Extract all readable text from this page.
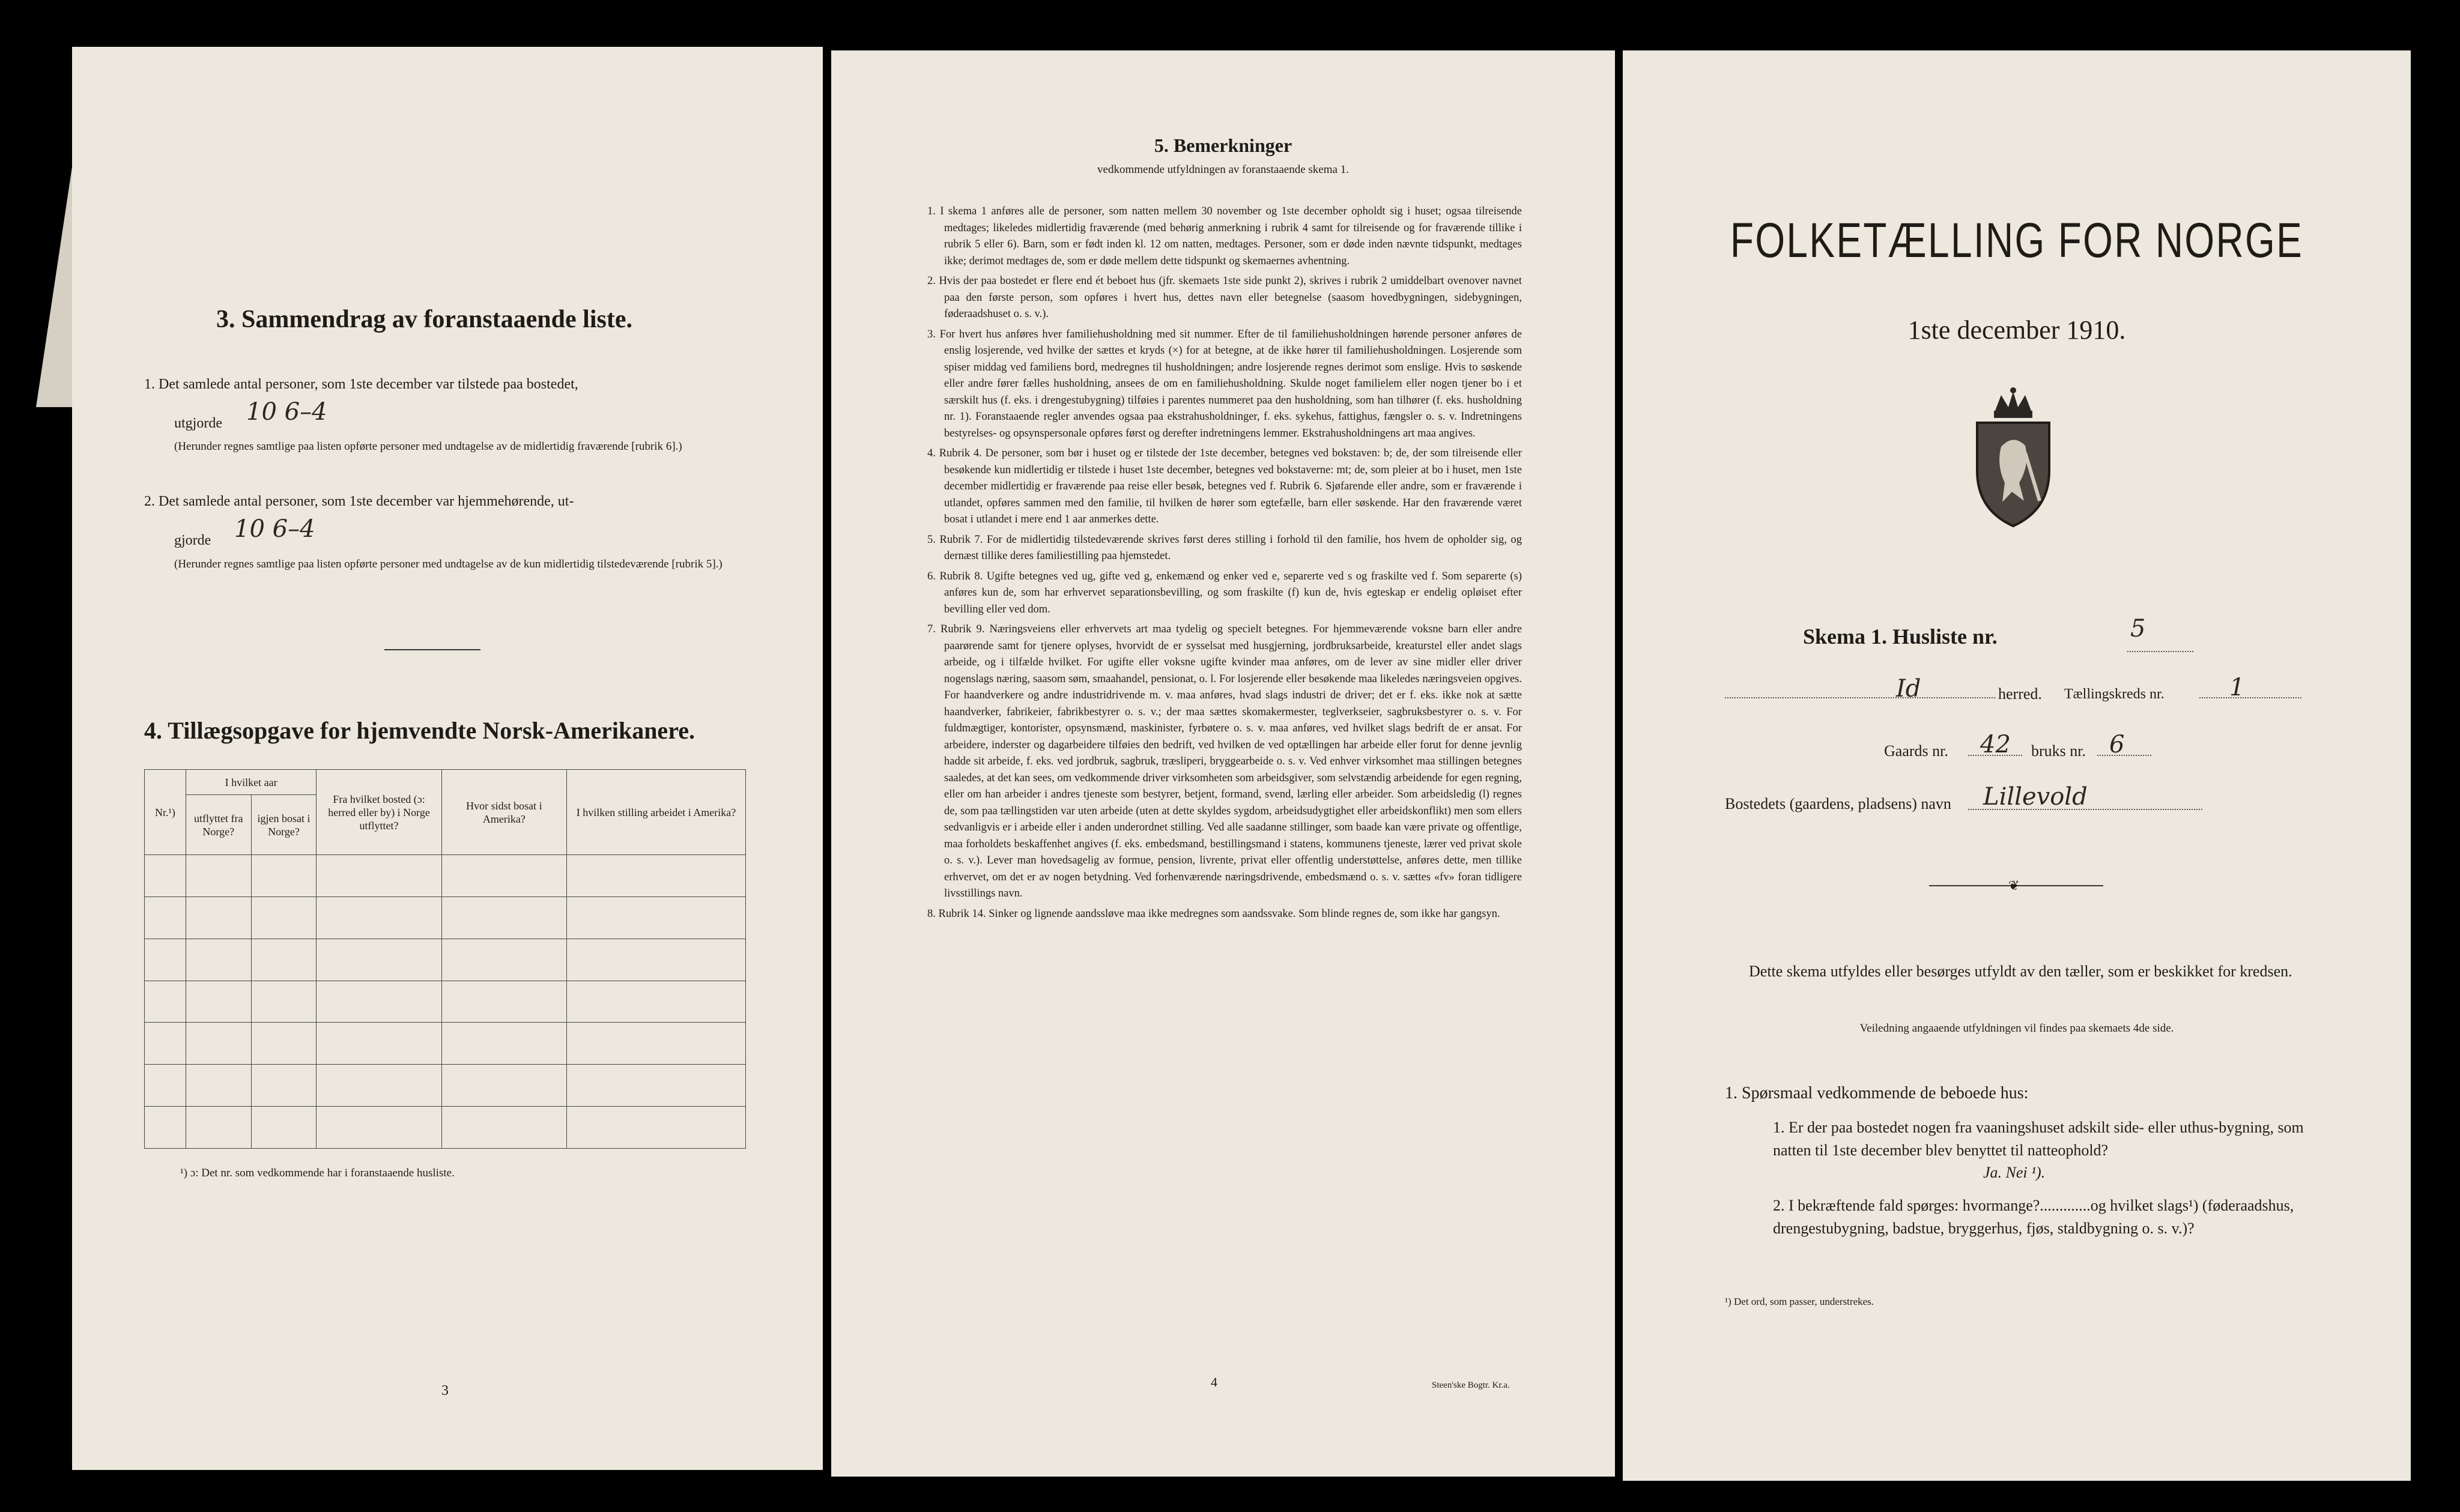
3. Sammendrag av foranstaaende liste.
1. Det samlede antal personer, som 1ste december var tilstede paa bostedet,
utgjorde 10 6–4
(Herunder regnes samtlige paa listen opførte personer med undtagelse av de midlertidig fraværende [rubrik 6].)
2. Det samlede antal personer, som 1ste december var hjemmehørende, ut-
gjorde 10 6–4
(Herunder regnes samtlige paa listen opførte personer med undtagelse av de kun midlertidig tilstedeværende [rubrik 5].)
4. Tillægsopgave for hjemvendte Norsk-Amerikanere.
Nr.¹)	I hvilket aar		Fra hvilket bosted (ɔ: herred eller by) i Norge utflyttet?	Hvor sidst bosat i Amerika?	I hvilken stilling arbeidet i Amerika?
	utflyttet fra Norge?	igjen bosat i Norge?			

¹) ɔ: Det nr. som vedkommende har i foranstaaende husliste.
3
5. Bemerkninger
vedkommende utfyldningen av foranstaaende skema 1.
1. I skema 1 anføres alle de personer, som natten mellem 30 november og 1ste december opholdt sig i huset; ogsaa tilreisende medtages; likeledes midlertidig fraværende (med behørig anmerkning i rubrik 4 samt for tilreisende og for fraværende tillike i rubrik 5 eller 6). Barn, som er født inden kl. 12 om natten, medtages. Personer, som er døde inden nævnte tidspunkt, medtages ikke; derimot medtages de, som er døde mellem dette tidspunkt og skemaernes avhentning.
2. Hvis der paa bostedet er flere end ét beboet hus (jfr. skemaets 1ste side punkt 2), skrives i rubrik 2 umiddelbart ovenover navnet paa den første person, som opføres i hvert hus, dettes navn eller betegnelse (saasom hovedbygningen, sidebygningen, føderaadshuset o. s. v.).
3. For hvert hus anføres hver familiehusholdning med sit nummer. Efter de til familiehusholdningen hørende personer anføres de enslig losjerende, ved hvilke der sættes et kryds (×) for at betegne, at de ikke hører til familiehusholdningen. Losjerende som spiser middag ved familiens bord, medregnes til husholdningen; andre losjerende regnes derimot som enslige. Hvis to søskende eller andre fører fælles husholdning, ansees de om en familiehusholdning. Skulde noget familielem eller nogen tjener bo i et særskilt hus (f. eks. i drengestubygning) tilføies i parentes nummeret paa den husholdning, som han tilhører (f. eks. husholdning nr. 1). Foranstaaende regler anvendes ogsaa paa ekstrahusholdninger, f. eks. sykehus, fattighus, fængsler o. s. v. Indretningens bestyrelses- og opsynspersonale opføres først og derefter indretningens lemmer. Ekstrahusholdningens art maa angives.
4. Rubrik 4. De personer, som bør i huset og er tilstede der 1ste december, betegnes ved bokstaven: b; de, der som tilreisende eller besøkende kun midlertidig er tilstede i huset 1ste december, betegnes ved bokstaverne: mt; de, som pleier at bo i huset, men 1ste december midlertidig er fraværende paa reise eller besøk, betegnes ved f. Rubrik 6. Sjøfarende eller andre, som er fraværende i utlandet, opføres sammen med den familie, til hvilken de hører som egtefælle, barn eller søskende. Har den fraværende været bosat i utlandet i mere end 1 aar anmerkes dette.
5. Rubrik 7. For de midlertidig tilstedeværende skrives først deres stilling i forhold til den familie, hos hvem de opholder sig, og dernæst tillike deres familiestilling paa hjemstedet.
6. Rubrik 8. Ugifte betegnes ved ug, gifte ved g, enkemænd og enker ved e, separerte ved s og fraskilte ved f. Som separerte (s) anføres kun de, som har erhvervet separationsbevilling, og som fraskilte (f) kun de, hvis egteskap er endelig opløiset efter bevilling eller ved dom.
7. Rubrik 9. Næringsveiens eller erhvervets art maa tydelig og specielt betegnes. For hjemmeværende voksne barn eller andre paarørende samt for tjenere oplyses, hvorvidt de er sysselsat med husgjerning, jordbruksarbeide, kreaturstel eller andet slags arbeide, og i tilfælde hvilket. For ugifte eller voksne ugifte kvinder maa anføres, om de lever av sine midler eller driver nogenslags næring, saasom søm, smaahandel, pensionat, o. l. For losjerende eller besøkende maa likeledes næringsveien opgives. For haandverkere og andre industridrivende m. v. maa anføres, hvad slags industri de driver; det er f. eks. ikke nok at sætte haandverker, fabrikeier, fabrikbestyrer o. s. v.; der maa sættes skomakermester, teglverkseier, sagbruksbestyrer o. s. v. For fuldmægtiger, kontorister, opsynsmænd, maskinister, fyrbøtere o. s. v. maa anføres, ved hvilket slags bedrift de er ansat. For arbeidere, inderster og dagarbeidere tilføies den bedrift, ved hvilken de ved optællingen har arbeide eller forut for denne jevnlig hadde sit arbeide, f. eks. ved jordbruk, sagbruk, træsliperi, bryggearbeide o. s. v. Ved enhver virksomhet maa stillingen betegnes saaledes, at det kan sees, om vedkommende driver virksomheten som arbeidsgiver, som selvstændig arbeidende for egen regning, eller om han arbeider i andres tjeneste som bestyrer, betjent, formand, svend, lærling eller arbeider. Som arbeidsledig (l) regnes de, som paa tællingstiden var uten arbeide (uten at dette skyldes sygdom, arbeidsudygtighet eller arbeidskonflikt) men som ellers sedvanligvis er i arbeide eller i anden underordnet stilling. Ved alle saadanne stillinger, som baade kan være private og offentlige, maa forholdets beskaffenhet angives (f. eks. embedsmand, bestillingsmand i statens, kommunens tjeneste, lærer ved privat skole o. s. v.). Lever man hovedsagelig av formue, pension, livrente, privat eller offentlig understøttelse, anføres dette, men tillike erhvervet, om det er av nogen betydning. Ved forhenværende næringsdrivende, embedsmænd o. s. v. sættes «fv» foran tidligere livsstillings navn.
8. Rubrik 14. Sinker og lignende aandssløve maa ikke medregnes som aandssvake. Som blinde regnes de, som ikke har gangsyn.
4	Steen'ske Bogtr. Kr.a.
FOLKETÆLLING FOR NORGE
1ste december 1910.
Skema 1. Husliste nr.	5
Id	herred. Tællingskreds nr.	1
Gaards nr. 42 bruks nr. 6
Bostedets (gaardens, pladsens) navn Lillevold
❦
Dette skema utfyldes eller besørges utfyldt av den tæller, som er beskikket for kredsen.
Veiledning angaaende utfyldningen vil findes paa skemaets 4de side.
1. Spørsmaal vedkommende de beboede hus:
1. Er der paa bostedet nogen fra vaaningshuset adskilt side- eller uthus-bygning, som natten til 1ste december blev benyttet til natteophold?
Ja. Nei ¹).
2. I bekræftende fald spørges: hvormange?.............og hvilket slags¹) (føderaadshus, drengestubygning, badstue, bryggerhus, fjøs, staldbygning o. s. v.)?
¹) Det ord, som passer, understrekes.
